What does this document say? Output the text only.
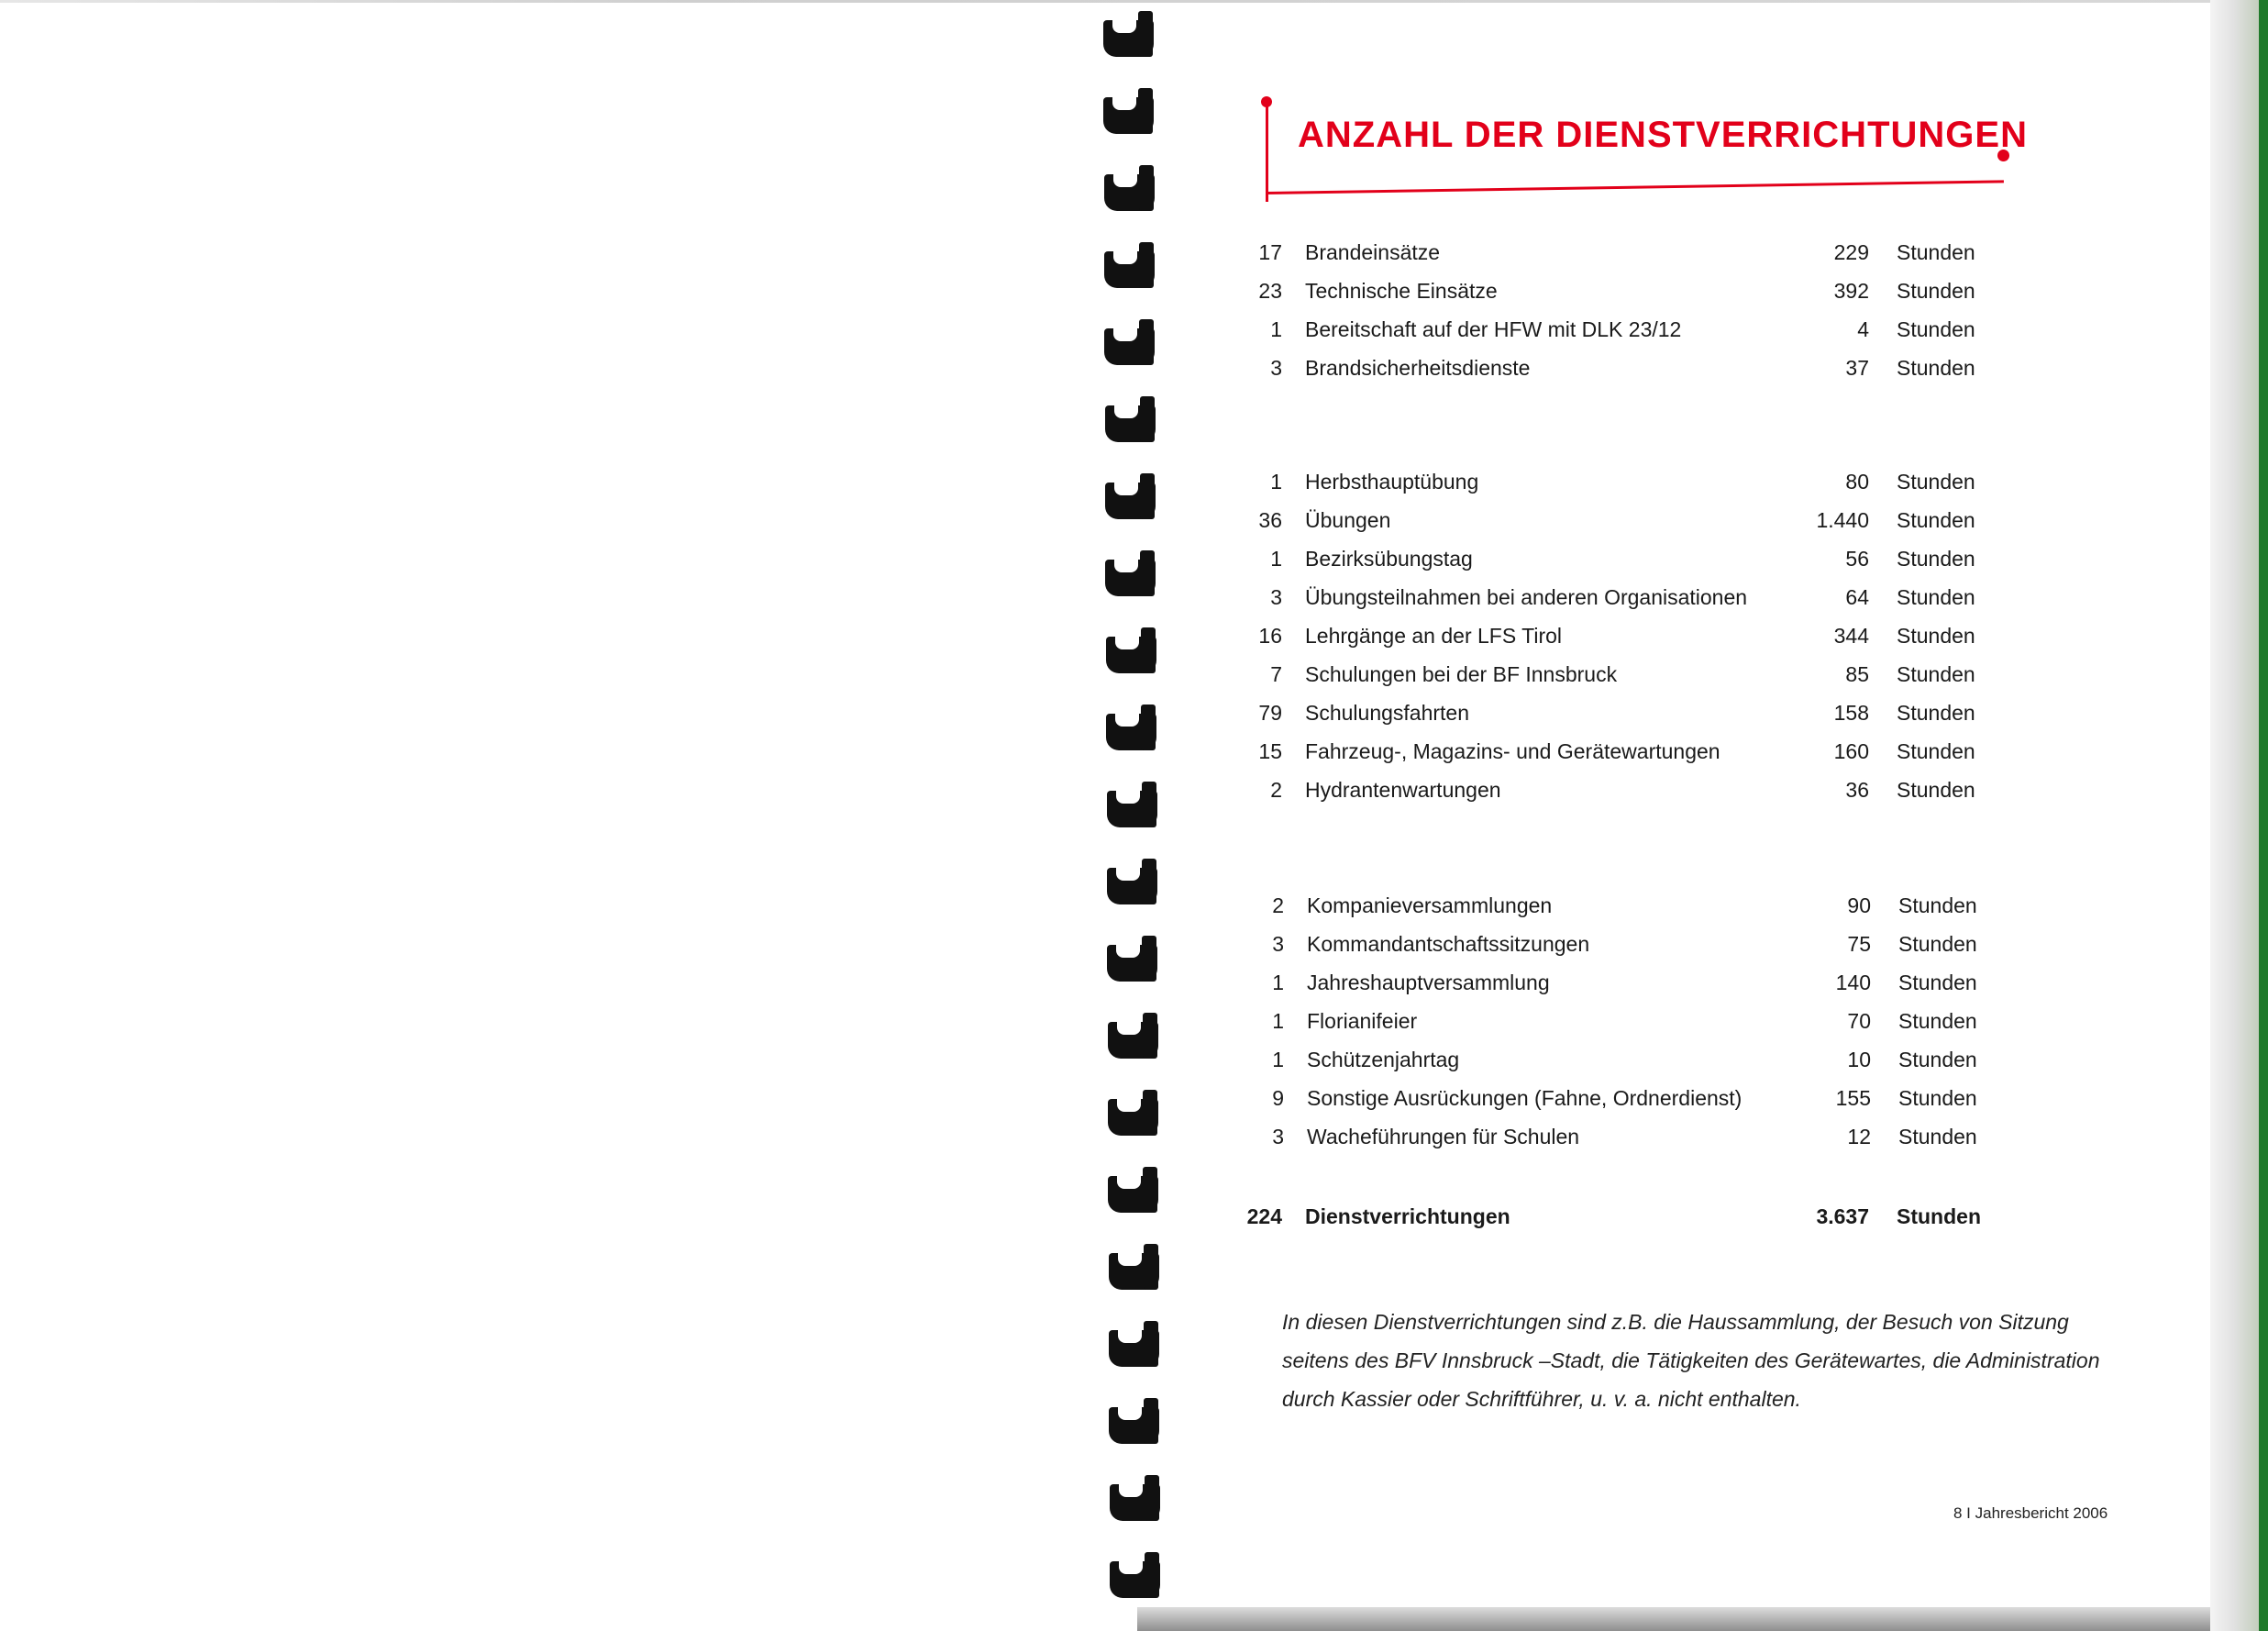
ANZAHL DER DIENSTVERRICHTUNGEN
17 Brandeinsätze	229 Stunden
23 Technische Einsätze	392 Stunden
1 Bereitschaft auf der HFW mit DLK 23/12	4 Stunden
3 Brandsicherheitsdienste	37 Stunden
1 Herbsthauptübung	80 Stunden
36 Übungen	1.440 Stunden
1 Bezirksübungstag	56 Stunden
3 Übungsteilnahmen bei anderen Organisationen	64 Stunden
16 Lehrgänge an der LFS Tirol	344 Stunden
7 Schulungen bei der BF Innsbruck	85 Stunden
79 Schulungsfahrten	158 Stunden
15 Fahrzeug-, Magazins- und Gerätewartungen	160 Stunden
2 Hydrantenwartungen	36 Stunden
2 Kompanieversammlungen	90 Stunden
3 Kommandantschaftssitzungen	75 Stunden
1 Jahreshauptversammlung	140 Stunden
1 Florianifeier	70 Stunden
1 Schützenjahrtag	10 Stunden
9 Sonstige Ausrückungen (Fahne, Ordnerdienst)	155 Stunden
3 Wacheführungen für Schulen	12 Stunden
224 Dienstverrichtungen	3.637 Stunden
In diesen Dienstverrichtungen sind z.B. die Haussammlung, der Besuch von Sitzung seitens des BFV Innsbruck –Stadt, die Tätigkeiten des Gerätewartes, die Administration durch Kassier oder Schriftführer, u. v. a. nicht enthalten.
8 I Jahresbericht 2006
